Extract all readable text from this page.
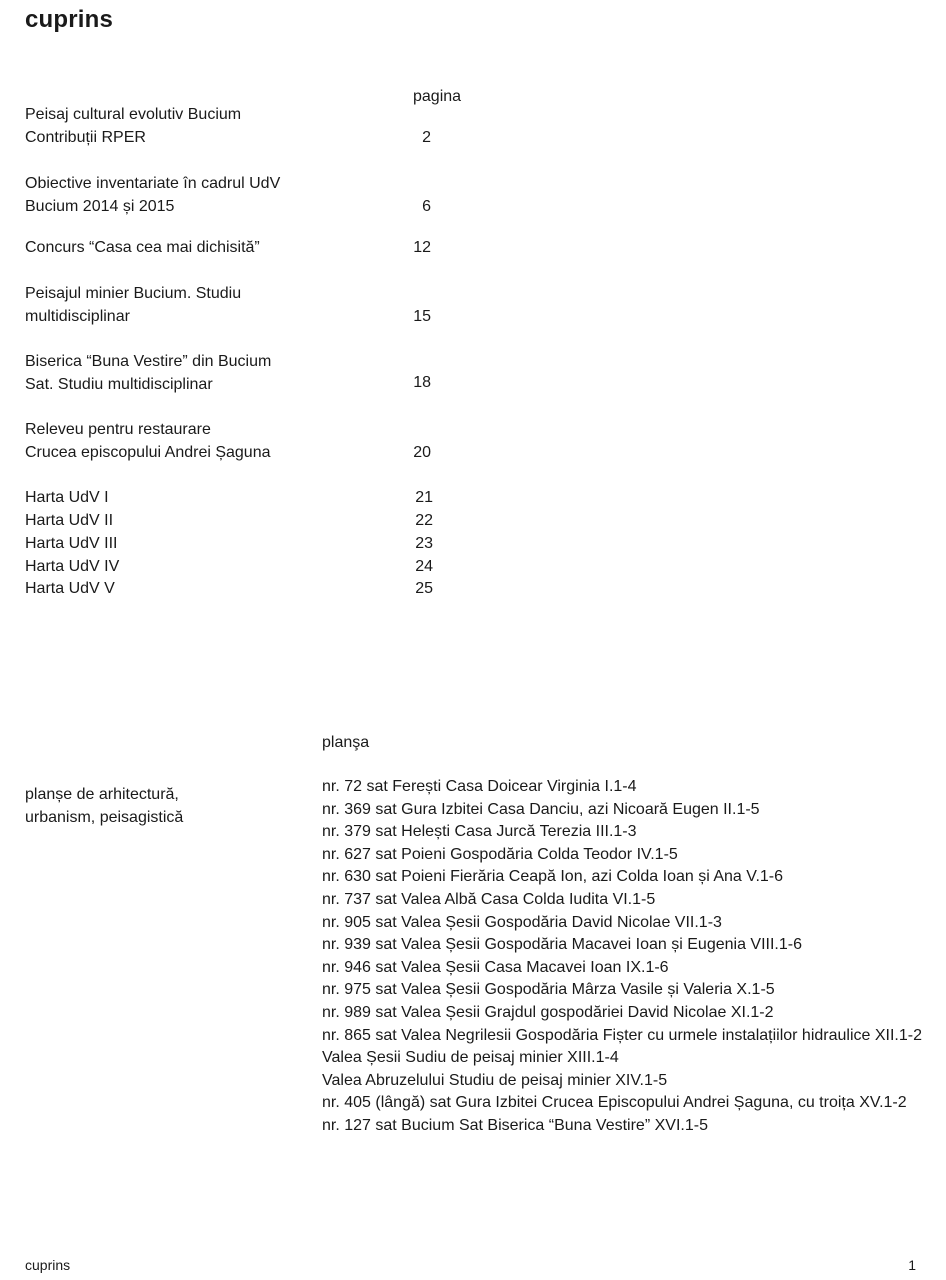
cuprins
pagina
Peisaj cultural evolutiv Bucium
Contribuții RPER	2
Obiective inventariate în cadrul UdV
Bucium 2014 și 2015	6
Concurs “Casa cea mai dichisită”	12
Peisajul minier Bucium. Studiu
multidisciplinar	15
Biserica “Buna Vestire” din Bucium
Sat. Studiu multidisciplinar	18
Releveu pentru restaurare
Crucea episcopului Andrei Șaguna	20
Harta UdV I	21
Harta UdV II	22
Harta UdV III	23
Harta UdV IV	24
Harta UdV V	25
planşa
planșe de arhitectură,
urbanism, peisagistică
nr. 72 sat Ferești Casa Doicear Virginia I.1-4
nr. 369 sat Gura Izbitei Casa Danciu, azi Nicoară Eugen II.1-5
nr. 379 sat Helești Casa Jurcă Terezia III.1-3
nr. 627 sat Poieni Gospodăria Colda Teodor IV.1-5
nr. 630 sat Poieni Fierăria Ceapă Ion, azi Colda Ioan și Ana V.1-6
nr. 737 sat Valea Albă Casa Colda Iudita VI.1-5
nr. 905 sat Valea Șesii Gospodăria David Nicolae VII.1-3
nr. 939 sat Valea Șesii Gospodăria Macavei Ioan și Eugenia VIII.1-6
nr. 946 sat Valea Șesii Casa Macavei Ioan IX.1-6
nr. 975 sat Valea Șesii Gospodăria Mârza Vasile și Valeria X.1-5
nr. 989 sat Valea Șesii Grajdul gospodăriei David Nicolae XI.1-2
nr. 865 sat Valea Negrilesii Gospodăria Fișter cu urmele instalațiilor hidraulice XII.1-2
Valea Șesii Sudiu de peisaj minier XIII.1-4
Valea Abruzelului Studiu de peisaj minier XIV.1-5
nr. 405 (lângă) sat Gura Izbitei Crucea Episcopului Andrei Șaguna, cu troița XV.1-2
nr. 127 sat Bucium Sat Biserica “Buna Vestire” XVI.1-5
cuprins	1
